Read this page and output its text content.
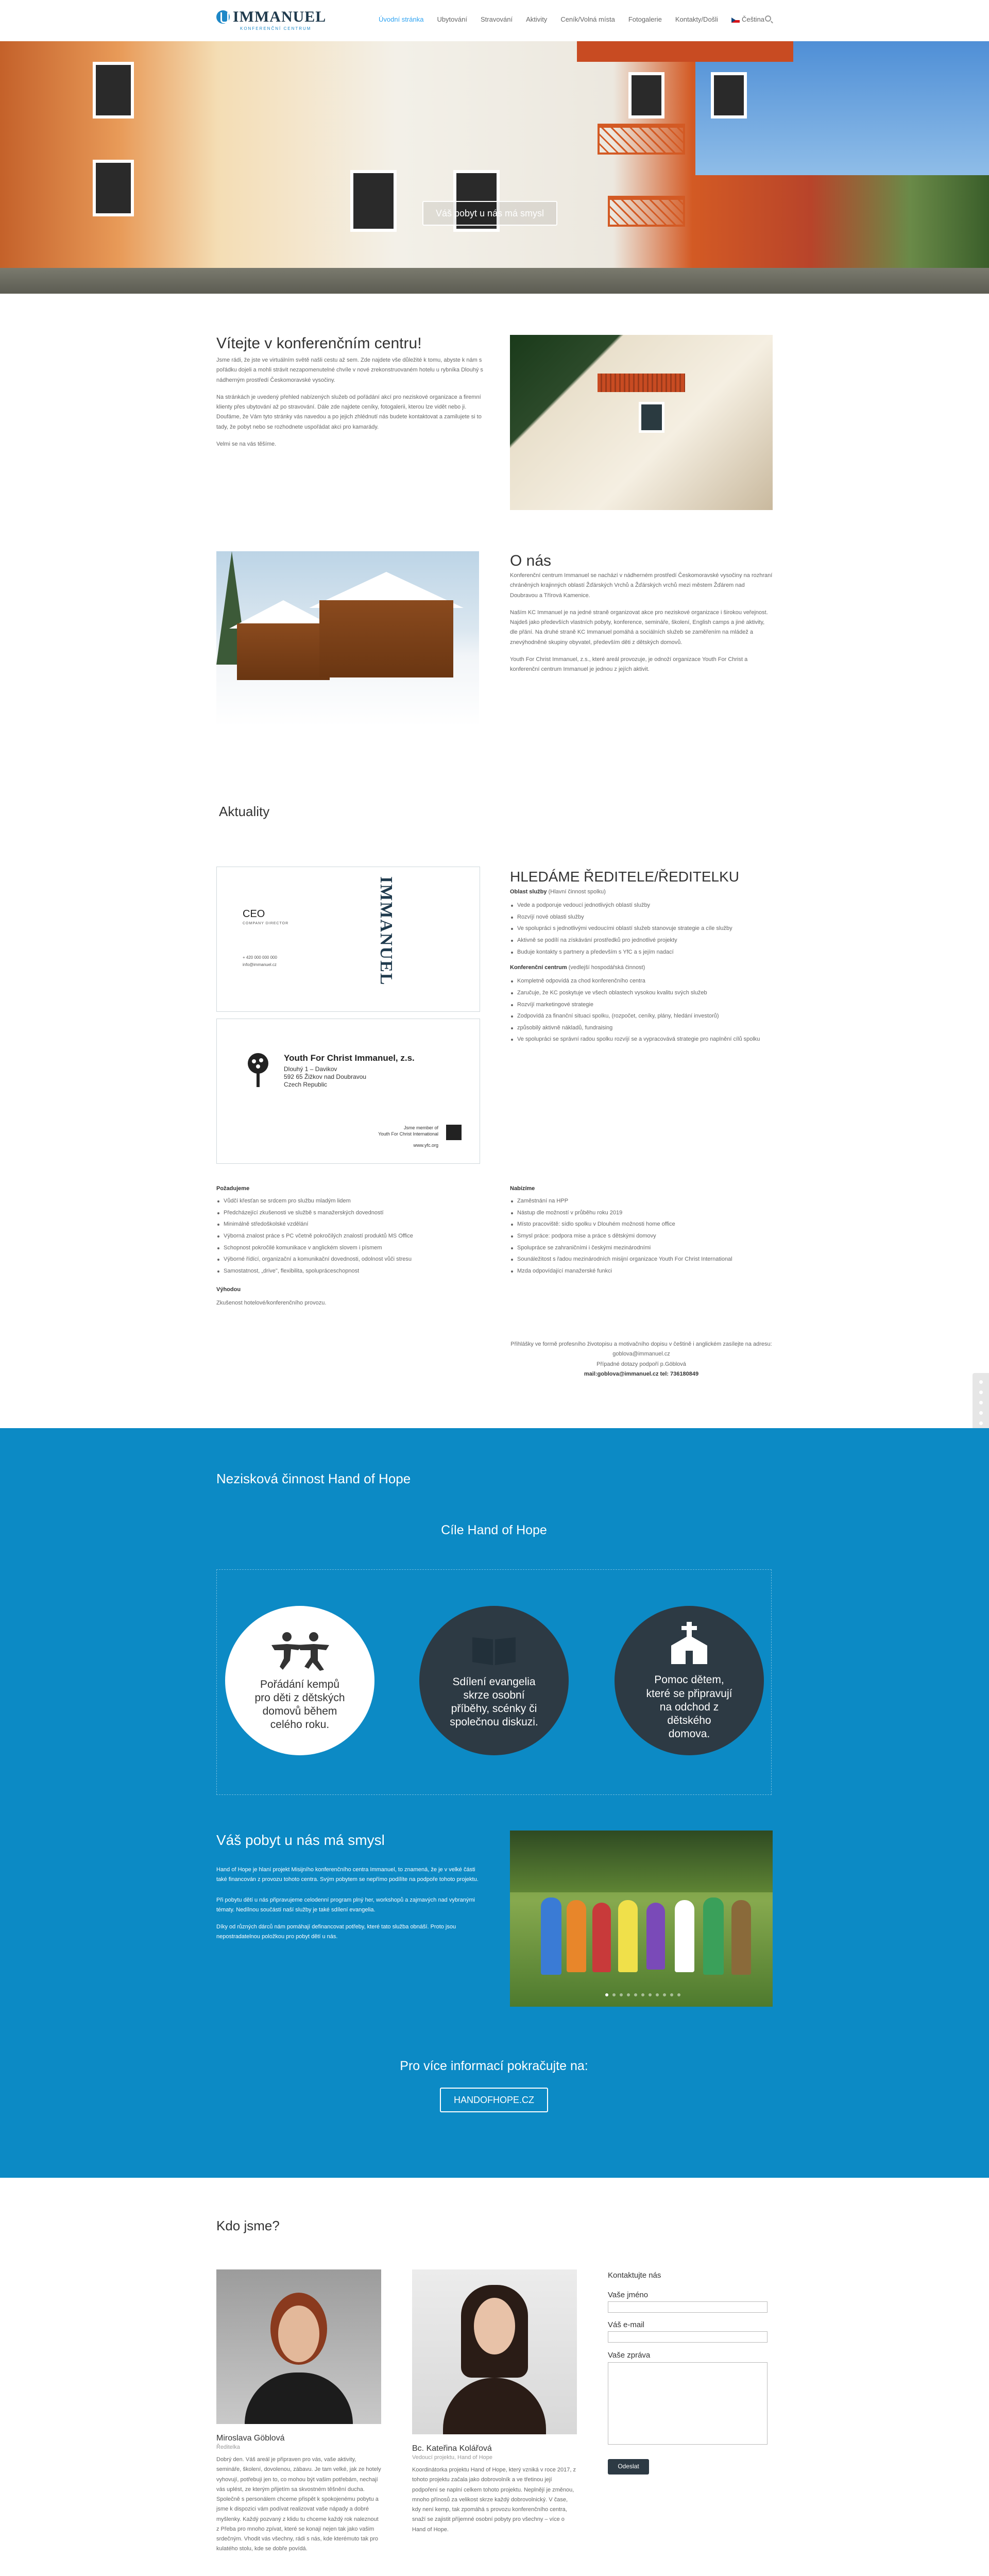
IMMANUEL
KONFERENČNÍ CENTRUM
Úvodní stránka Ubytování Stravování Aktivity Ceník/Volná místa Fotogalerie Kontakty/Došli	Čeština
Váš pobyt u nás má smysl
Vítejte v konferenčním centru!

Jsme rádi, že jste ve virtuálním světě našli cestu až sem. Zde najdete vše důležité k tomu, abyste k nám s pořádku dojeli a mohli strávit nezapomenutelné chvíle v nové zrekonstruovaném hotelu u rybníka Dlouhý s nádherným prostředí Českomoravské vysočiny.

Na stránkách je uvedený přehled nabízených služeb od pořádání akcí pro neziskové organizace a firemní klienty přes ubytování až po stravování. Dále zde najdete ceníky, fotogalerii, kterou lze vidět nebo ji. Doufáme, že Vám tyto stránky vás navedou a po jejich zhlédnutí nás budete kontaktovat a zamilujete si to tady, že pobyt nebo se rozhodnete uspořádat akci pro kamarády.

Velmi se na vás těšíme.

O nás

Konferenční centrum Immanuel se nachází v nádherném prostředí Českomoravské vysočiny na rozhraní chráněných krajinných oblastí Žďárských Vrchů a Žďárských vrchů mezi městem Žďárem nad Doubravou a Třírová Kamenice.

Naším KC Immanuel je na jedné straně organizovat akce pro neziskové organizace i širokou veřejnost. Najdeš jako předevších vlastních pobyty, konference, semináře, školení, English camps a jiné aktivity, dle přání. Na druhé straně KC Immanuel pomáhá a sociálních služeb se zaměřením na mládež a znevýhodněné skupiny obyvatel, především děti z dětských domovů.

Youth For Christ Immanuel, z.s., které areál provozuje, je odnoží organizace Youth For Christ a konferenční centrum Immanuel je jednou z jejích aktivit.

Aktuality
CEO
COMPANY DIRECTOR
+ 420 000 000 000
info@immanuel.cz	IMMANUEL
Youth For Christ Immanuel, z.s.
Dlouhý 1 – Davikov
592 65 Žižkov nad Doubravou
Czech Republic
Jsme member of
Youth For Christ International
www.yfc.org
HLEDÁME ŘEDITELE/ŘEDITELKU
Oblast služby (Hlavní činnost spolku)
Vede a podporuje vedoucí jednotlivých oblastí služby
Rozvíjí nové oblasti služby
Ve spolupráci s jednotlivými vedoucími oblastí služeb stanovuje strategie a cíle služby
Aktivně se podílí na získávání prostředků pro jednotlivé projekty
Buduje kontakty s partnery a především s YfC a s jejím nadací
Konferenční centrum (vedlejší hospodářská činnost)
Kompletně odpovídá za chod konferenčního centra
Zaručuje, že KC poskytuje ve všech oblastech vysokou kvalitu svých služeb
Rozvíjí marketingové strategie
Zodpovídá za finanční situaci spolku, (rozpočet, ceníky, plány, hledání investorů)
způsobilý aktivně nákladů, fundraising
Ve spolupráci se správní radou spolku rozvíjí se a vypracovává strategie pro naplnění cílů spolku
Požadujeme
Vůdčí křesťan se srdcem pro službu mladým lidem
Předcházející zkušenosti ve službě s manažerských dovedností
Minimálně středoškolské vzdělání
Výborná znalost práce s PC včetně pokročilých znalostí produktů MS Office
Schopnost pokročilé komunikace v anglickém slovem i písmem
Výborné řídící, organizační a komunikační dovednosti, odolnost vůči stresu
Samostatnost, „drive", flexibilita, spolupráceschopnost
Výhodou
Zkušenost hotelové/konferenčního provozu.
Nabízíme
Zaměstnání na HPP
Nástup dle možností v průběhu roku 2019
Místo pracoviště: sídlo spolku v Dlouhém možnosti home office
Smysl práce: podpora mise a práce s dětskými domovy
Spolupráce se zahraničními i českými mezinárodními
Sounáležitost s řadou mezinárodních misijní organizace Youth For Christ International
Mzda odpovídající manažerské funkci
Přihlášky ve formě profesního životopisu a motivačního dopisu v češtině i anglickém zasílejte na adresu: goblova@immanuel.cz
Případné dotazy podpoří p.Göblová
mail:goblova@immanuel.cz tel: 736180849
Nezisková činnost Hand of Hope
Cíle Hand of Hope
Pořádání kempů pro děti z dětských domovů během celého roku.
Sdílení evangelia skrze osobní příběhy, scénky či společnou diskuzi.
Pomoc dětem, které se připravují na odchod z dětského domova.
Váš pobyt u nás má smysl

Hand of Hope je hlaní projekt Misijního konferenčního centra Immanuel, to znamená, že je v velké části také financován z provozu tohoto centra. Svým pobytem se nepřímo podílíte na podpoře tohoto projektu.

Při pobytu dětí u nás připravujeme celodenní program plný her, workshopů a zajmavých nad vybranými tématy. Nedílnou součástí naší služby je také sdílení evangelia.

Díky od různých dárců nám pomáhají definancovat potřeby, které tato služba obnáší. Proto jsou nepostradatelnou položkou pro pobyt dětí u nás.

Pro více informací pokračujte na:
HANDOFHOPE.CZ
Kdo jsme?
Miroslava Göblová
Ředitelka
Dobrý den. Váš areál je připraven pro vás, vaše aktivity, semináře, školení, dovolenou, zábavu. Je tam velké, jak ze hotely vyhovují, potřebuji jen to, co mohou být vašim potřebám, nechají vás uplést, ze kterým přijetím sa skvostném těšnění ducha. Společně s personálem chceme přispět k spokojenému pobytu a jsme k dispozici vám podívat realizovat vaše nápady a dobré myšlenky. Každý pozvaný z klidu tu chceme každý rok naleznout z Přeba pro mnoho zpívat, které se konají nejen tak jako vašim srdečným. Vhodit vás všechny, rádi s nás, kde kterémuto tak pro kulatého stolu, kde se dobře povídá.
Bc. Kateřina Kolářová
Vedoucí projektu, Hand of Hope
Koordinátorka projektu Hand of Hope, který vzniká v roce 2017, z tohoto projektu začala jako dobrovolník a ve třetinou její podpoření se naplní celkem tohoto projektu. Neplnějí je změnou, mnoho přínosů za velikost skrze každý dobrovolnický. V čase, kdy není kemp, tak zpomáhá s provozu konferenčního centra, snaží se zajistit příjemné osobní pobyty pro všechny – více o Hand of Hope.
Kontaktujte nás
Vaše jméno
Váš e-mail
Vaše zpráva
Odeslat
